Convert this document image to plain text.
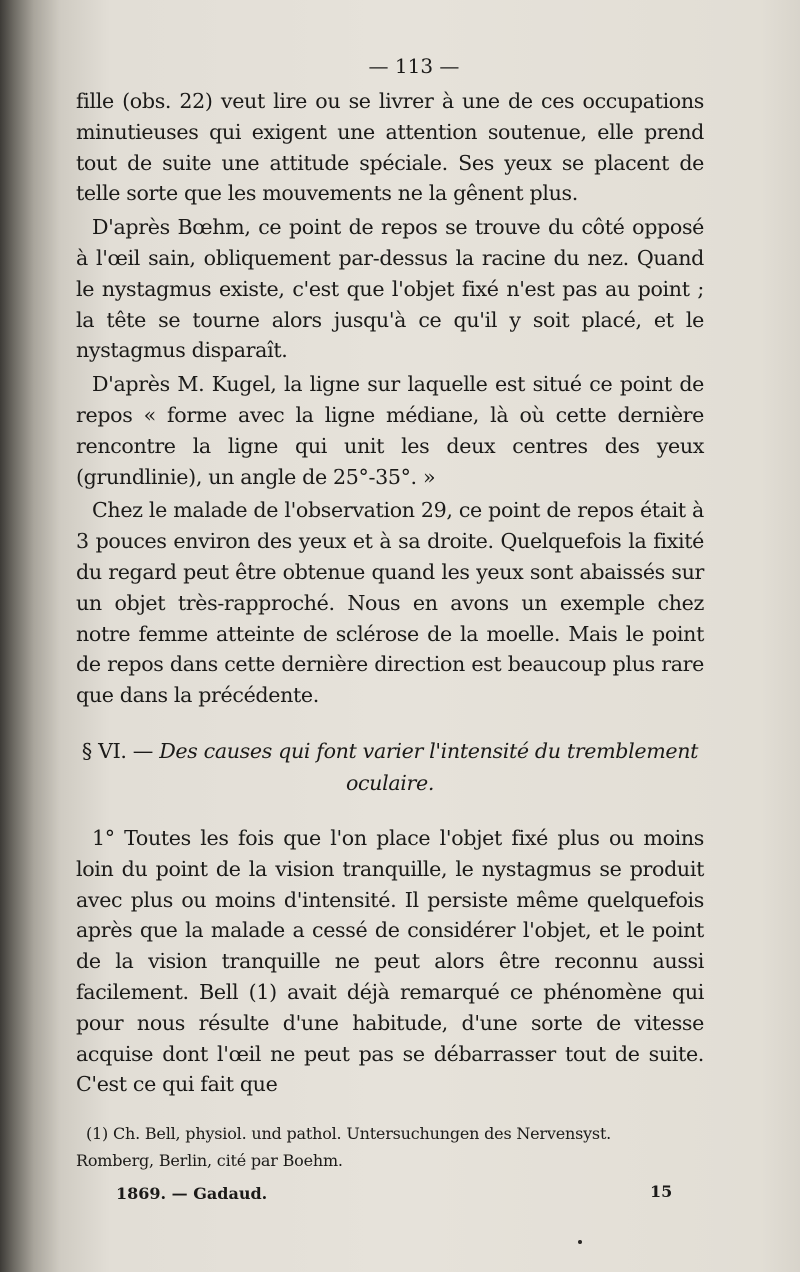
— 113 —

fille (obs. 22) veut lire ou se livrer à une de ces occupations minutieuses qui exigent une attention soutenue, elle prend tout de suite une attitude spéciale. Ses yeux se placent de telle sorte que les mouvements ne la gênent plus.

D'après Bœhm, ce point de repos se trouve du côté opposé à l'œil sain, obliquement par-dessus la racine du nez. Quand le nystagmus existe, c'est que l'objet fixé n'est pas au point ; la tête se tourne alors jusqu'à ce qu'il y soit placé, et le nystagmus disparaît.

D'après M. Kugel, la ligne sur laquelle est situé ce point de repos « forme avec la ligne médiane, là où cette dernière rencontre la ligne qui unit les deux centres des yeux (grundlinie), un angle de 25°-35°. »

Chez le malade de l'observation 29, ce point de repos était à 3 pouces environ des yeux et à sa droite. Quelquefois la fixité du regard peut être obtenue quand les yeux sont abaissés sur un objet très-rapproché. Nous en avons un exemple chez notre femme atteinte de sclérose de la moelle. Mais le point de repos dans cette dernière direction est beaucoup plus rare que dans la précédente.

§ VI. — Des causes qui font varier l'intensité du tremblement oculaire.

1° Toutes les fois que l'on place l'objet fixé plus ou moins loin du point de la vision tranquille, le nystagmus se produit avec plus ou moins d'intensité. Il persiste même quelquefois après que la malade a cessé de considérer l'objet, et le point de la vision tranquille ne peut alors être reconnu aussi facilement. Bell (1) avait déjà remarqué ce phénomène qui pour nous résulte d'une habitude, d'une sorte de vitesse acquise dont l'œil ne peut pas se débarrasser tout de suite. C'est ce qui fait que

(1) Ch. Bell, physiol. und pathol. Untersuchungen des Nervensyst.
Romberg, Berlin, cité par Boehm.
1869. — Gadaud.	15
